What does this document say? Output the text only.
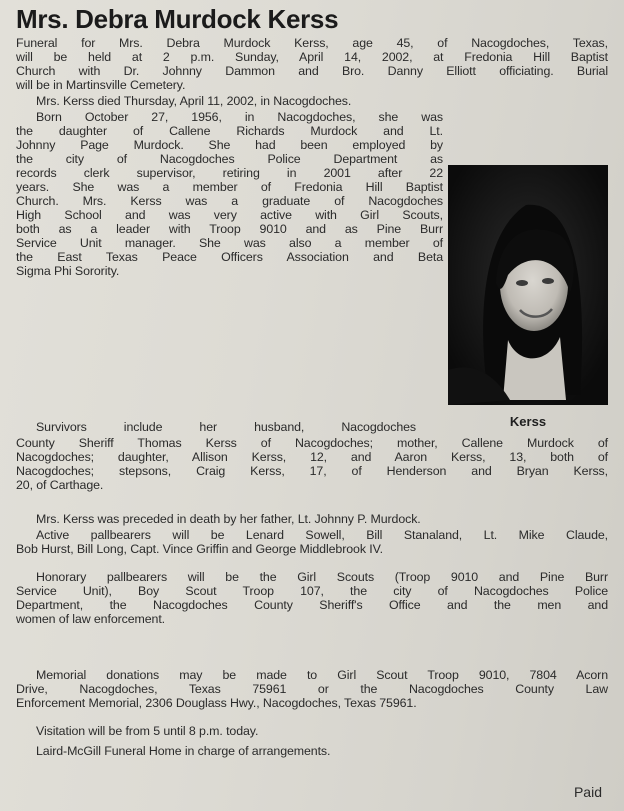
Mrs. Debra Murdock Kerss
Funeral for Mrs. Debra Murdock Kerss, age 45, of Nacogdoches, Texas,
will be held at 2 p.m. Sunday, April 14, 2002, at Fredonia Hill Baptist
Church with Dr. Johnny Dammon and Bro. Danny Elliott officiating. Burial
will be in Martinsville Cemetery.
Mrs. Kerss died Thursday, April 11, 2002, in Nacogdoches.
Born October 27, 1956, in Nacogdoches, she was
the daughter of Callene Richards Murdock and Lt.
Johnny Page Murdock. She had been employed by
the city of Nacogdoches Police Department as
records clerk supervisor, retiring in 2001 after 22
years. She was a member of Fredonia Hill Baptist
Church. Mrs. Kerss was a graduate of Nacogdoches
High School and was very active with Girl Scouts,
both as a leader with Troop 9010 and as Pine Burr
Service Unit manager. She was also a member of
the East Texas Peace Officers Association and Beta
Sigma Phi Sorority.
Kerss
Survivors include her husband, Nacogdoches
County Sheriff Thomas Kerss of Nacogdoches; mother, Callene Murdock of
Nacogdoches; daughter, Allison Kerss, 12, and Aaron Kerss, 13, both of
Nacogdoches; stepsons, Craig Kerss, 17, of Henderson and Bryan Kerss,
20, of Carthage.
Mrs. Kerss was preceded in death by her father, Lt. Johnny P. Murdock.
Active pallbearers will be Lenard Sowell, Bill Stanaland, Lt. Mike Claude,
Bob Hurst, Bill Long, Capt. Vince Griffin and George Middlebrook IV.
Honorary pallbearers will be the Girl Scouts (Troop 9010 and Pine Burr
Service Unit), Boy Scout Troop 107, the city of Nacogdoches Police
Department, the Nacogdoches County Sheriff's Office and the men and
women of law enforcement.
Memorial donations may be made to Girl Scout Troop 9010, 7804 Acorn
Drive, Nacogdoches, Texas 75961 or the Nacogdoches County Law
Enforcement Memorial, 2306 Douglass Hwy., Nacogdoches, Texas 75961.
Visitation will be from 5 until 8 p.m. today.
Laird-McGill Funeral Home in charge of arrangements.
Paid
